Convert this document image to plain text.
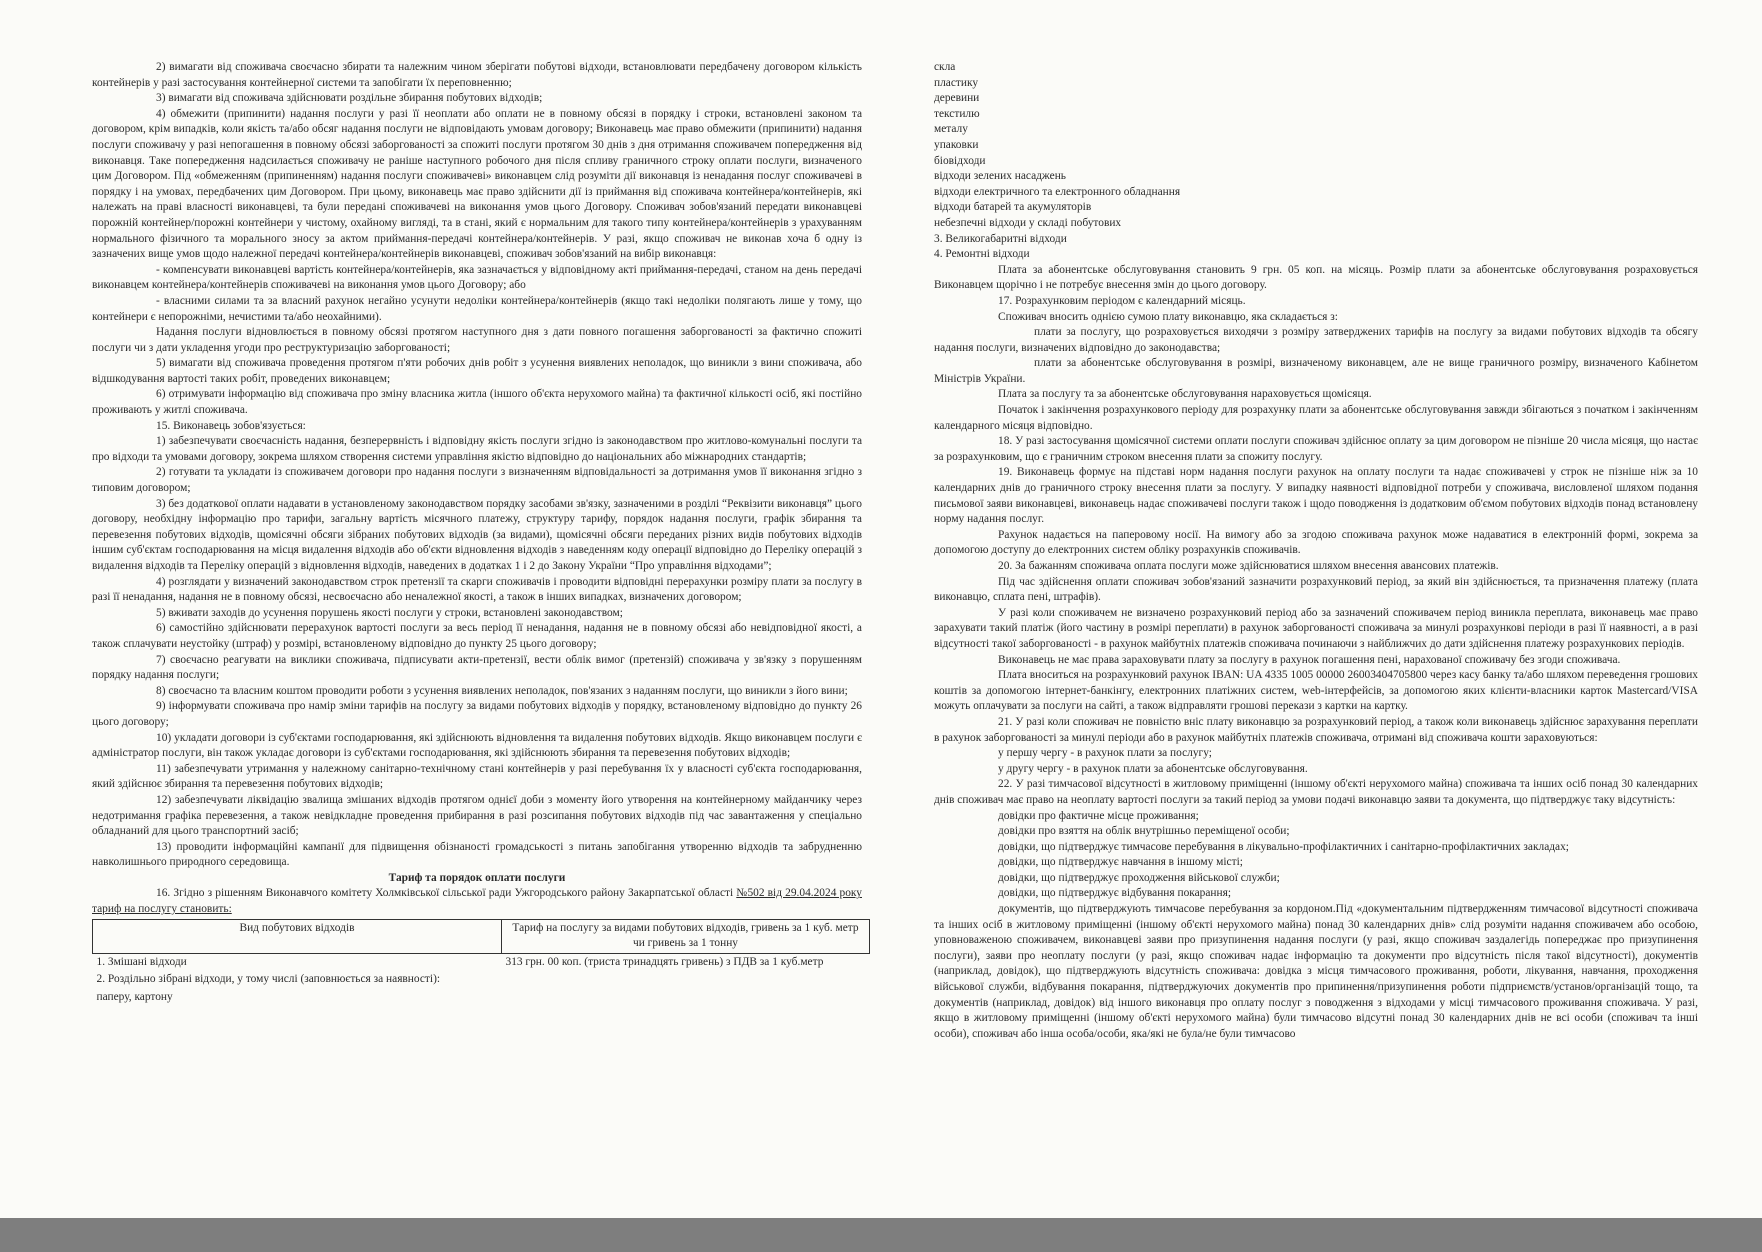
2) вимагати від споживача своєчасно збирати та належним чином зберігати побутові відходи, встановлювати передбачену договором кількість контейнерів у разі застосування контейнерної системи та запобігати їх переповненню;

3) вимагати від споживача здійснювати роздільне збирання побутових відходів;

4) обмежити (припинити) надання послуги у разі її неоплати або оплати не в повному обсязі в порядку і строки, встановлені законом та договором, крім випадків, коли якість та/або обсяг надання послуги не відповідають умовам договору; Виконавець має право обмежити (припинити) надання послуги споживачу у разі непогашення в повному обсязі заборгованості за спожиті послуги протягом 30 днів з дня отримання споживачем попередження від виконавця. Таке попередження надсилається споживачу не раніше наступного робочого дня після спливу граничного строку оплати послуги, визначеного цим Договором. Під «обмеженням (припиненням) надання послуги споживачеві» виконавцем слід розуміти дії виконавця із ненадання послуг споживачеві в порядку і на умовах, передбачених цим Договором. При цьому, виконавець має право здійснити дії із приймання від споживача контейнера/контейнерів, які належать на праві власності виконавцеві, та були передані споживачеві на виконання умов цього Договору. Споживач зобов'язаний передати виконавцеві порожній контейнер/порожні контейнери у чистому, охайному вигляді, та в стані, який є нормальним для такого типу контейнера/контейнерів з урахуванням нормального фізичного та морального зносу за актом приймання-передачі контейнера/контейнерів. У разі, якщо споживач не виконав хоча б одну із зазначених вище умов щодо належної передачі контейнера/контейнерів виконавцеві, споживач зобов'язаний на вибір виконавця:

- компенсувати виконавцеві вартість контейнера/контейнерів, яка зазначається у відповідному акті приймання-передачі, станом на день передачі виконавцем контейнера/контейнерів споживачеві на виконання умов цього Договору; або

- власними силами та за власний рахунок негайно усунути недоліки контейнера/контейнерів (якщо такі недоліки полягають лише у тому, що контейнери є непорожніми, нечистими та/або неохайними).

Надання послуги відновлюється в повному обсязі протягом наступного дня з дати повного погашення заборгованості за фактично спожиті послуги чи з дати укладення угоди про реструктуризацію заборгованості;

5) вимагати від споживача проведення протягом п'яти робочих днів робіт з усунення виявлених неполадок, що виникли з вини споживача, або відшкодування вартості таких робіт, проведених виконавцем;

6) отримувати інформацію від споживача про зміну власника житла (іншого об'єкта нерухомого майна) та фактичної кількості осіб, які постійно проживають у житлі споживача.

15. Виконавець зобов'язується:

1) забезпечувати своєчасність надання, безперервність і відповідну якість послуги згідно із законодавством про житлово-комунальні послуги та про відходи та умовами договору, зокрема шляхом створення системи управління якістю відповідно до національних або міжнародних стандартів;

2) готувати та укладати із споживачем договори про надання послуги з визначенням відповідальності за дотримання умов її виконання згідно з типовим договором;

3) без додаткової оплати надавати в установленому законодавством порядку засобами зв'язку, зазначеними в розділі “Реквізити виконавця” цього договору, необхідну інформацію про тарифи, загальну вартість місячного платежу, структуру тарифу, порядок надання послуги, графік збирання та перевезення побутових відходів, щомісячні обсяги зібраних побутових відходів (за видами), щомісячні обсяги переданих різних видів побутових відходів іншим суб'єктам господарювання на місця видалення відходів або об'єкти відновлення відходів з наведенням коду операції відповідно до Переліку операцій з видалення відходів та Переліку операцій з відновлення відходів, наведених в додатках 1 і 2 до Закону України “Про управління відходами”;

4) розглядати у визначений законодавством строк претензії та скарги споживачів і проводити відповідні перерахунки розміру плати за послугу в разі її ненадання, надання не в повному обсязі, несвоєчасно або неналежної якості, а також в інших випадках, визначених договором;

5) вживати заходів до усунення порушень якості послуги у строки, встановлені законодавством;

6) самостійно здійснювати перерахунок вартості послуги за весь період її ненадання, надання не в повному обсязі або невідповідної якості, а також сплачувати неустойку (штраф) у розмірі, встановленому відповідно до пункту 25 цього договору;

7) своєчасно реагувати на виклики споживача, підписувати акти-претензії, вести облік вимог (претензій) споживача у зв'язку з порушенням порядку надання послуги;

8) своєчасно та власним коштом проводити роботи з усунення виявлених неполадок, пов'язаних з наданням послуги, що виникли з його вини;

9) інформувати споживача про намір зміни тарифів на послугу за видами побутових відходів у порядку, встановленому відповідно до пункту 26 цього договору;

10) укладати договори із суб'єктами господарювання, які здійснюють відновлення та видалення побутових відходів. Якщо виконавцем послуги є адміністратор послуги, він також укладає договори із суб'єктами господарювання, які здійснюють збирання та перевезення побутових відходів;

11) забезпечувати утримання у належному санітарно-технічному стані контейнерів у разі перебування їх у власності суб'єкта господарювання, який здійснює збирання та перевезення побутових відходів;

12) забезпечувати ліквідацію звалища змішаних відходів протягом однієї доби з моменту його утворення на контейнерному майданчику через недотримання графіка перевезення, а також невідкладне проведення прибирання в разі розсипання побутових відходів під час завантаження у спеціально обладнаний для цього транспортний засіб;

13) проводити інформаційні кампанії для підвищення обізнаності громадськості з питань запобігання утворенню відходів та забрудненню навколишнього природного середовища.

Тариф та порядок оплати послуги

16. Згідно з рішенням Виконавчого комітету Холмківської сільської ради Ужгородського району Закарпатської області №502 від 29.04.2024 року тариф на послугу становить:

Вид побутових відходів	Тариф на послугу за видами побутових відходів, гривень за 1 куб. метр чи гривень за 1 тонну
1. Змішані відходи	313 грн. 00 коп. (триста тринадцять гривень) з ПДВ за 1 куб.метр
2. Роздільно зібрані відходи, у тому числі (заповнюється за наявності):	
паперу, картону	

скла

пластику

деревини

текстилю

металу

упаковки

біовідходи

відходи зелених насаджень

відходи електричного та електронного обладнання

відходи батарей та акумуляторів

небезпечні відходи у складі побутових

3. Великогабаритні відходи

4. Ремонтні відходи

Плата за абонентське обслуговування становить 9 грн. 05 коп. на місяць. Розмір плати за абонентське обслуговування розраховується Виконавцем щорічно і не потребує внесення змін до цього договору.

17. Розрахунковим періодом є календарний місяць.

Споживач вносить однією сумою плату виконавцю, яка складається з:

плати за послугу, що розраховується виходячи з розміру затверджених тарифів на послугу за видами побутових відходів та обсягу надання послуги, визначених відповідно до законодавства;

плати за абонентське обслуговування в розмірі, визначеному виконавцем, але не вище граничного розміру, визначеного Кабінетом Міністрів України.

Плата за послугу та за абонентське обслуговування нараховується щомісяця.

Початок і закінчення розрахункового періоду для розрахунку плати за абонентське обслуговування завжди збігаються з початком і закінченням календарного місяця відповідно.

18. У разі застосування щомісячної системи оплати послуги споживач здійснює оплату за цим договором не пізніше 20 числа місяця, що настає за розрахунковим, що є граничним строком внесення плати за спожиту послугу.

19. Виконавець формує на підставі норм надання послуги рахунок на оплату послуги та надає споживачеві у строк не пізніше ніж за 10 календарних днів до граничного строку внесення плати за послугу. У випадку наявності відповідної потреби у споживача, висловленої шляхом подання письмової заяви виконавцеві, виконавець надає споживачеві послуги також і щодо поводження із додатковим об'ємом побутових відходів понад встановлену норму надання послуг.

Рахунок надається на паперовому носії. На вимогу або за згодою споживача рахунок може надаватися в електронній формі, зокрема за допомогою доступу до електронних систем обліку розрахунків споживачів.

20. За бажанням споживача оплата послуги може здійснюватися шляхом внесення авансових платежів.

Під час здійснення оплати споживач зобов'язаний зазначити розрахунковий період, за який він здійснюється, та призначення платежу (плата виконавцю, сплата пені, штрафів).

У разі коли споживачем не визначено розрахунковий період або за зазначений споживачем період виникла переплата, виконавець має право зарахувати такий платіж (його частину в розмірі переплати) в рахунок заборгованості споживача за минулі розрахункові періоди в разі її наявності, а в разі відсутності такої заборгованості - в рахунок майбутніх платежів споживача починаючи з найближчих до дати здійснення платежу розрахункових періодів.

Виконавець не має права зараховувати плату за послугу в рахунок погашення пені, нарахованої споживачу без згоди споживача.

Плата вноситься на розрахунковий рахунок IBAN: UA 4335 1005 00000 26003404705800 через касу банку та/або шляхом переведення грошових коштів за допомогою інтернет-банкінгу, електронних платіжних систем, web-інтерфейсів, за допомогою яких клієнти-власники карток Mastercard/VISA можуть оплачувати за послуги на сайті, а також відправляти грошові перекази з картки на картку.

21. У разі коли споживач не повністю вніс плату виконавцю за розрахунковий період, а також коли виконавець здійснює зарахування переплати в рахунок заборгованості за минулі періоди або в рахунок майбутніх платежів споживача, отримані від споживача кошти зараховуються:

у першу чергу - в рахунок плати за послугу;

у другу чергу - в рахунок плати за абонентське обслуговування.

22. У разі тимчасової відсутності в житловому приміщенні (іншому об'єкті нерухомого майна) споживача та інших осіб понад 30 календарних днів споживач має право на неоплату вартості послуги за такий період за умови подачі виконавцю заяви та документа, що підтверджує таку відсутність:

довідки про фактичне місце проживання;

довідки про взяття на облік внутрішньо переміщеної особи;

довідки, що підтверджує тимчасове перебування в лікувально-профілактичних і санітарно-профілактичних закладах;

довідки, що підтверджує навчання в іншому місті;

довідки, що підтверджує проходження військової служби;

довідки, що підтверджує відбування покарання;

документів, що підтверджують тимчасове перебування за кордоном.Під «документальним підтвердженням тимчасової відсутності споживача та інших осіб в житловому приміщенні (іншому об'єкті нерухомого майна) понад 30 календарних днів» слід розуміти надання споживачем або особою, уповноваженою споживачем, виконавцеві заяви про призупинення надання послуги (у разі, якщо споживач заздалегідь попереджає про призупинення послуги), заяви про неоплату послуги (у разі, якщо споживач надає інформацію та документи про відсутність після такої відсутності), документів (наприклад, довідок), що підтверджують відсутність споживача: довідка з місця тимчасового проживання, роботи, лікування, навчання, проходження військової служби, відбування покарання, підтверджуючих документів про припинення/призупинення роботи підприємств/установ/організацій тощо, та документів (наприклад, довідок) від іншого виконавця про оплату послуг з поводження з відходами у місці тимчасового проживання споживача. У разі, якщо в житловому приміщенні (іншому об'єкті нерухомого майна) були тимчасово відсутні понад 30 календарних днів не всі особи (споживач та інші особи), споживач або інша особа/особи, яка/які не була/не були тимчасово
